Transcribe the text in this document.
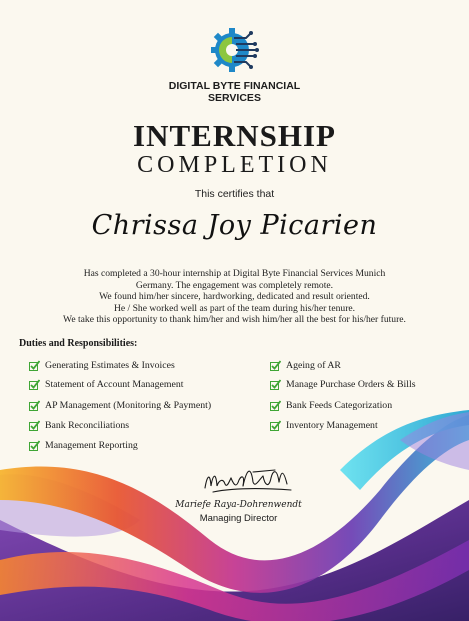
DIGITAL BYTE FINANCIAL
SERVICES
INTERNSHIP
COMPLETION
This certifies that
Chrissa Joy Picarien
Has completed a 30-hour internship at Digital Byte Financial Services Munich
Germany. The engagement was completely remote.
We found him/her sincere, hardworking, dedicated and result oriented.
He / She worked well as part of the team during his/her tenure.
We take this opportunity to thank him/her and wish him/her all the best for his/her future.
Duties and Responsibilities:
Generating Estimates & Invoices
Statement of Account Management
AP Management (Monitoring & Payment)
Bank Reconciliations
Management Reporting
Ageing of AR
Manage Purchase Orders & Bills
Bank Feeds Categorization
Inventory Management
Mariefe Raya-Dohrenwendt
Managing Director
